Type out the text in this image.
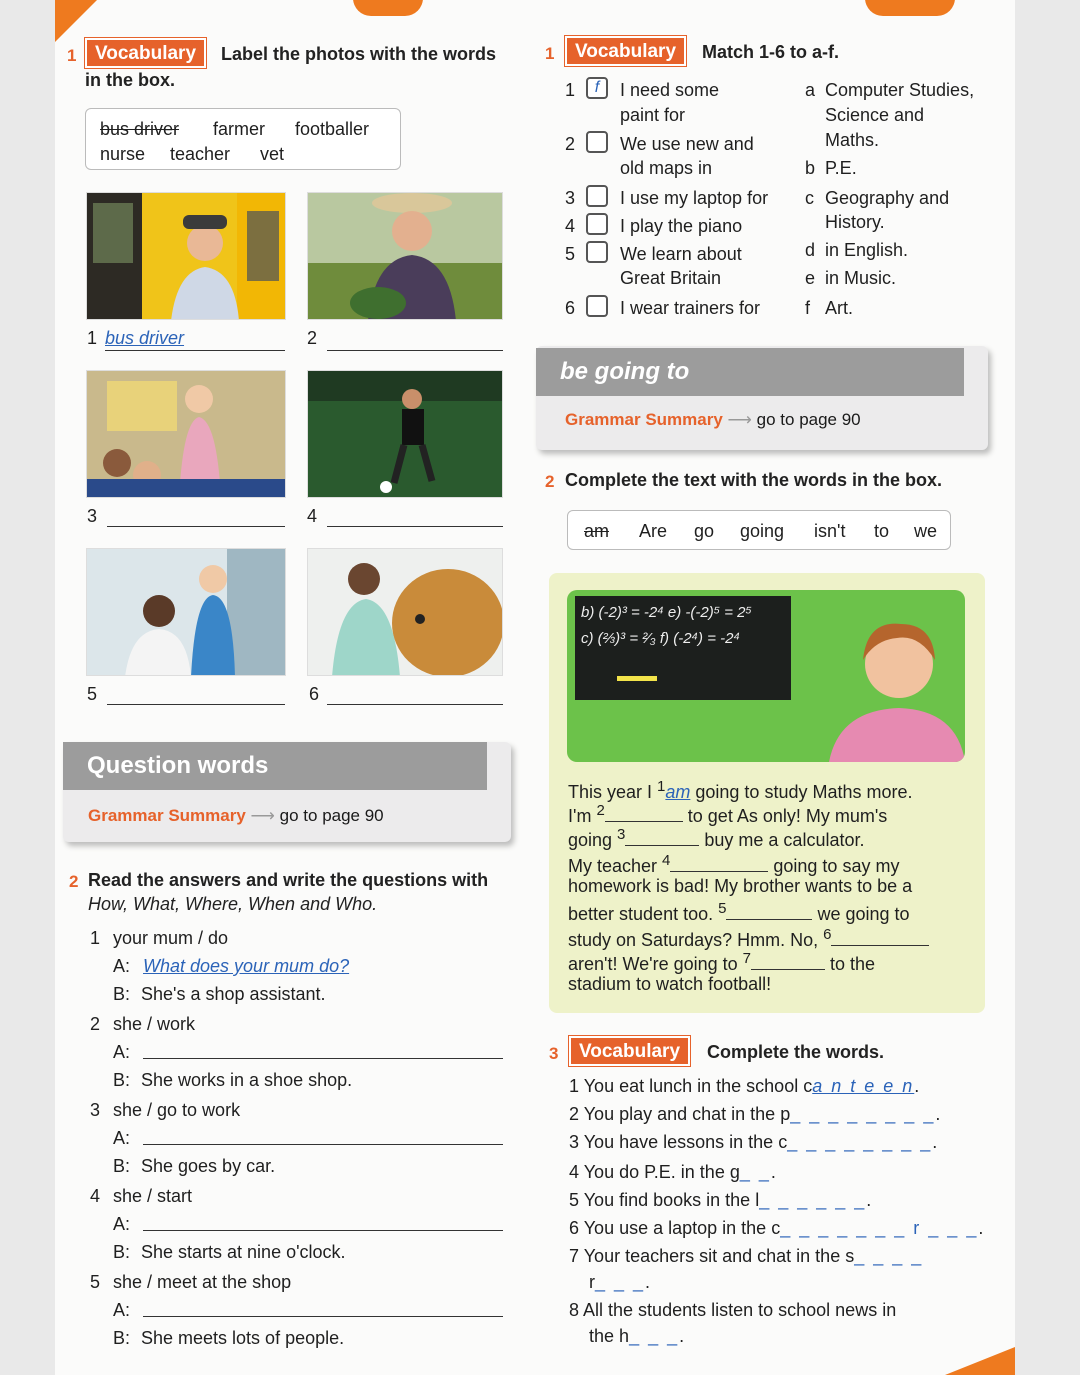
1 Vocabulary	Label the photos with the words
in the box.
bus driver farmer footballer
nurse teacher vet
1 bus driver	2
3	4
5	6
Question words
Grammar Summary ⟶ go to page 90
2 Read the answers and write the questions with
How, What, Where, When and Who.
1 your mum / do
A: What does your mum do?
B: She's a shop assistant.
2 she / work
A:
B: She works in a shoe shop.
3 she / go to work
A:
B: She goes by car.
4 she / start
A:
B: She starts at nine o'clock.
5 she / meet at the shop
A:
B: She meets lots of people.
1	Vocabulary	Match 1-6 to a-f.
1	f	I need some
paint for
2 We use new and
old maps in
3 I use my laptop for
4 I play the piano
5 We learn about
Great Britain
6 I wear trainers for
a Computer Studies,
Science and
Maths.
b P.E.
c Geography and
History.
d in English.
e in Music.
f Art.
be going to
Grammar Summary ⟶ go to page 90
2 Complete the text with the words in the box.
am Are go going isn't to we
b) (-2)³ = -2⁴ e) -(-2)⁵ = 2⁵
c) (⅔)³ = ²⁄₃ f) (-2⁴) = -2⁴
This year I $^1$am going to study Maths more.
I'm $^2$	to get As only! My mum's
going $^3$	buy me a calculator.
My teacher $^4$	going to say my
homework is bad! My brother wants to be a
better student too. $^5$	we going to
study on Saturdays? Hmm. No, $^6$
aren't! We're going to $^7$	to the
stadium to watch football!
3	Vocabulary	Complete the words.
1 You eat lunch in the school ca n t e e n.
2 You play and chat in the p_ _ _ _ _ _ _ _.
3 You have lessons in the c_ _ _ _ _ _ _ _.
4 You do P.E. in the g_ _.
5 You find books in the l_ _ _ _ _ _.
6 You use a laptop in the c_ _ _ _ _ _ _ r _ _ _.
7 Your teachers sit and chat in the s_ _ _ _
r_ _ _.
8 All the students listen to school news in
the h_ _ _.
